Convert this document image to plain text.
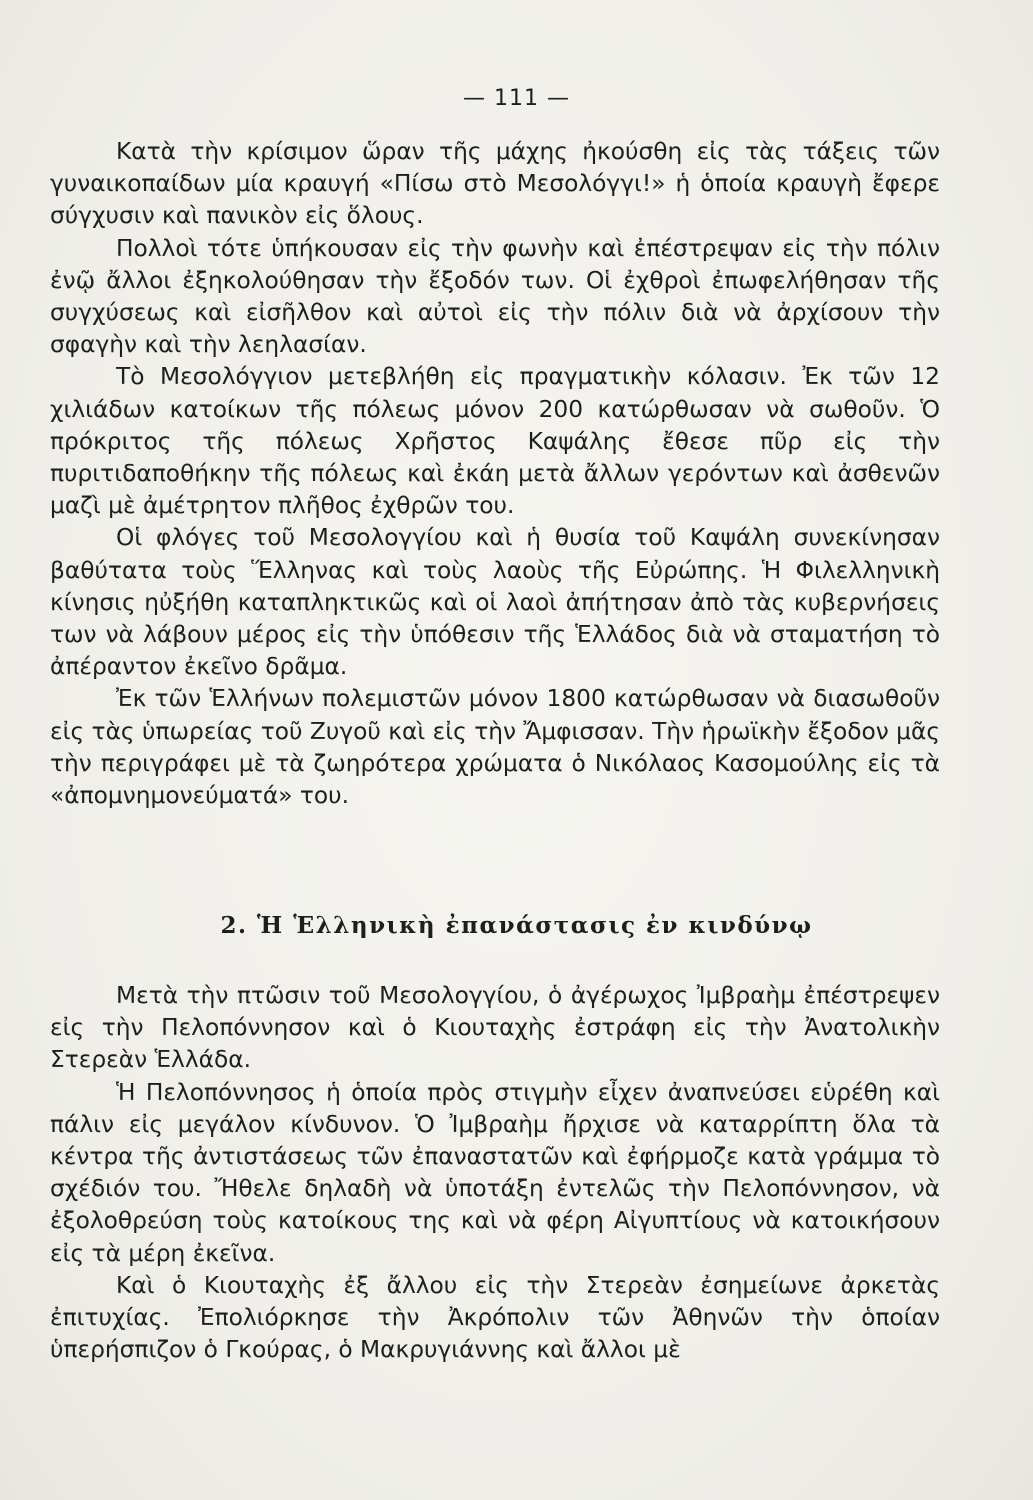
— 111 —

Κατὰ τὴν κρίσιμον ὥραν τῆς μάχης ἠκούσθη εἰς τὰς τάξεις τῶν γυναικοπαίδων μία κραυγή «Πίσω στὸ Μεσολόγγι!» ἡ ὁποία κραυγὴ ἔφερε σύγχυσιν καὶ πανικὸν εἰς ὅλους.

Πολλοὶ τότε ὑπήκουσαν εἰς τὴν φωνὴν καὶ ἐπέστρεψαν εἰς τὴν πόλιν ἐνῷ ἄλλοι ἐξηκολούθησαν τὴν ἔξοδόν των. Οἱ ἐχθροὶ ἐπωφελήθησαν τῆς συγχύσεως καὶ εἰσῆλθον καὶ αὐτοὶ εἰς τὴν πόλιν διὰ νὰ ἀρχίσουν τὴν σφαγὴν καὶ τὴν λεηλασίαν.

Τὸ Μεσολόγγιον μετεβλήθη εἰς πραγματικὴν κόλασιν. Ἐκ τῶν 12 χιλιάδων κατοίκων τῆς πόλεως μόνον 200 κατώρθωσαν νὰ σωθοῦν. Ὁ πρόκριτος τῆς πόλεως Χρῆστος Καψάλης ἔθεσε πῦρ εἰς τὴν πυριτιδαποθήκην τῆς πόλεως καὶ ἐκάη μετὰ ἄλλων γερόντων καὶ ἀσθενῶν μαζὶ μὲ ἀμέτρητον πλῆθος ἐχθρῶν του.

Οἱ φλόγες τοῦ Μεσολογγίου καὶ ἡ θυσία τοῦ Καψάλη συνεκίνησαν βαθύτατα τοὺς Ἕλληνας καὶ τοὺς λαοὺς τῆς Εὐρώπης. Ἡ Φιλελληνικὴ κίνησις ηὐξήθη καταπληκτικῶς καὶ οἱ λαοὶ ἀπήτησαν ἀπὸ τὰς κυβερνήσεις των νὰ λάβουν μέρος εἰς τὴν ὑπόθεσιν τῆς Ἑλλάδος διὰ νὰ σταματήση τὸ ἀπέραντον ἐκεῖνο δρᾶμα.

Ἐκ τῶν Ἑλλήνων πολεμιστῶν μόνον 1800 κατώρθωσαν νὰ διασωθοῦν εἰς τὰς ὑπωρείας τοῦ Ζυγοῦ καὶ εἰς τὴν Ἄμφισσαν. Τὴν ἡρωϊκὴν ἔξοδον μᾶς τὴν περιγράφει μὲ τὰ ζωηρότερα χρώματα ὁ Νικόλαος Κασομούλης εἰς τὰ «ἀπομνημονεύματά» του.

2. Ἡ Ἑλληνικὴ ἐπανάστασις ἐν κινδύνῳ

Μετὰ τὴν πτῶσιν τοῦ Μεσολογγίου, ὁ ἀγέρωχος Ἰμβραὴμ ἐπέστρεψεν εἰς τὴν Πελοπόννησον καὶ ὁ Κιουταχὴς ἐστράφη εἰς τὴν Ἀνατολικὴν Στερεὰν Ἑλλάδα.

Ἡ Πελοπόννησος ἡ ὁποία πρὸς στιγμὴν εἶχεν ἀναπνεύσει εὑρέθη καὶ πάλιν εἰς μεγάλον κίνδυνον. Ὁ Ἰμβραὴμ ἤρχισε νὰ καταρρίπτη ὅλα τὰ κέντρα τῆς ἀντιστάσεως τῶν ἐπαναστατῶν καὶ ἐφήρμοζε κατὰ γράμμα τὸ σχέδιόν του. Ἤθελε δηλαδὴ νὰ ὑποτάξη ἐντελῶς τὴν Πελοπόννησον, νὰ ἐξολοθρεύση τοὺς κατοίκους της καὶ νὰ φέρη Αἰγυπτίους νὰ κατοικήσουν εἰς τὰ μέρη ἐκεῖνα.

Καὶ ὁ Κιουταχὴς ἐξ ἄλλου εἰς τὴν Στερεὰν ἐσημείωνε ἀρκετὰς ἐπιτυχίας. Ἐπολιόρκησε τὴν Ἀκρόπολιν τῶν Ἀθηνῶν τὴν ὁποίαν ὑπερήσπιζον ὁ Γκούρας, ὁ Μακρυγιάννης καὶ ἄλλοι μὲ
